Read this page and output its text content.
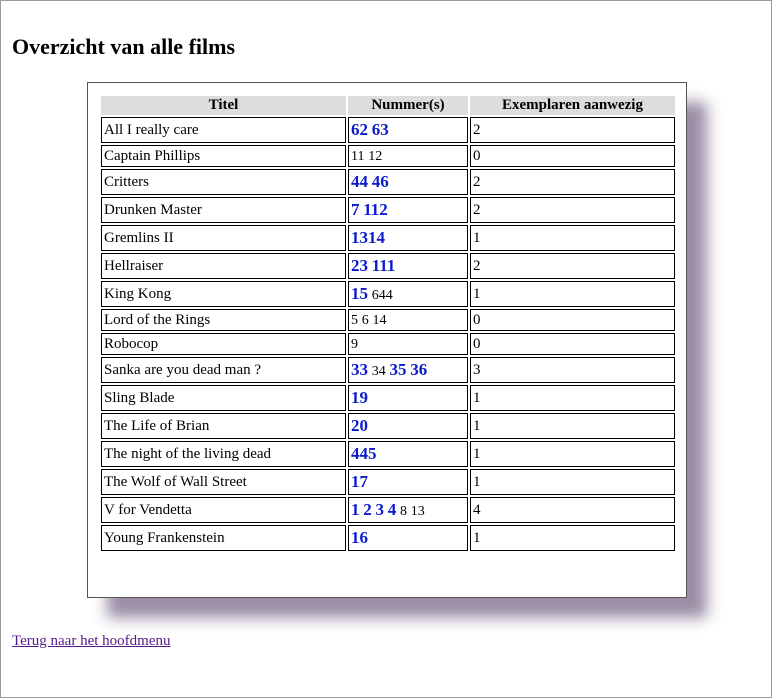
Overzicht van alle films
Titel	Nummer(s)	Exemplaren aanwezig
All I really care	62 63	2
Captain Phillips	11 12	0
Critters	44 46	2
Drunken Master	7 112	2
Gremlins II	1314	1
Hellraiser	23 111	2
King Kong	15 644	1
Lord of the Rings	5 6 14	0
Robocop	9	0
Sanka are you dead man ?	33 34 35 36	3
Sling Blade	19	1
The Life of Brian	20	1
The night of the living dead	445	1
The Wolf of Wall Street	17	1
V for Vendetta	1 2 3 4 8 13	4
Young Frankenstein	16	1
Terug naar het hoofdmenu
